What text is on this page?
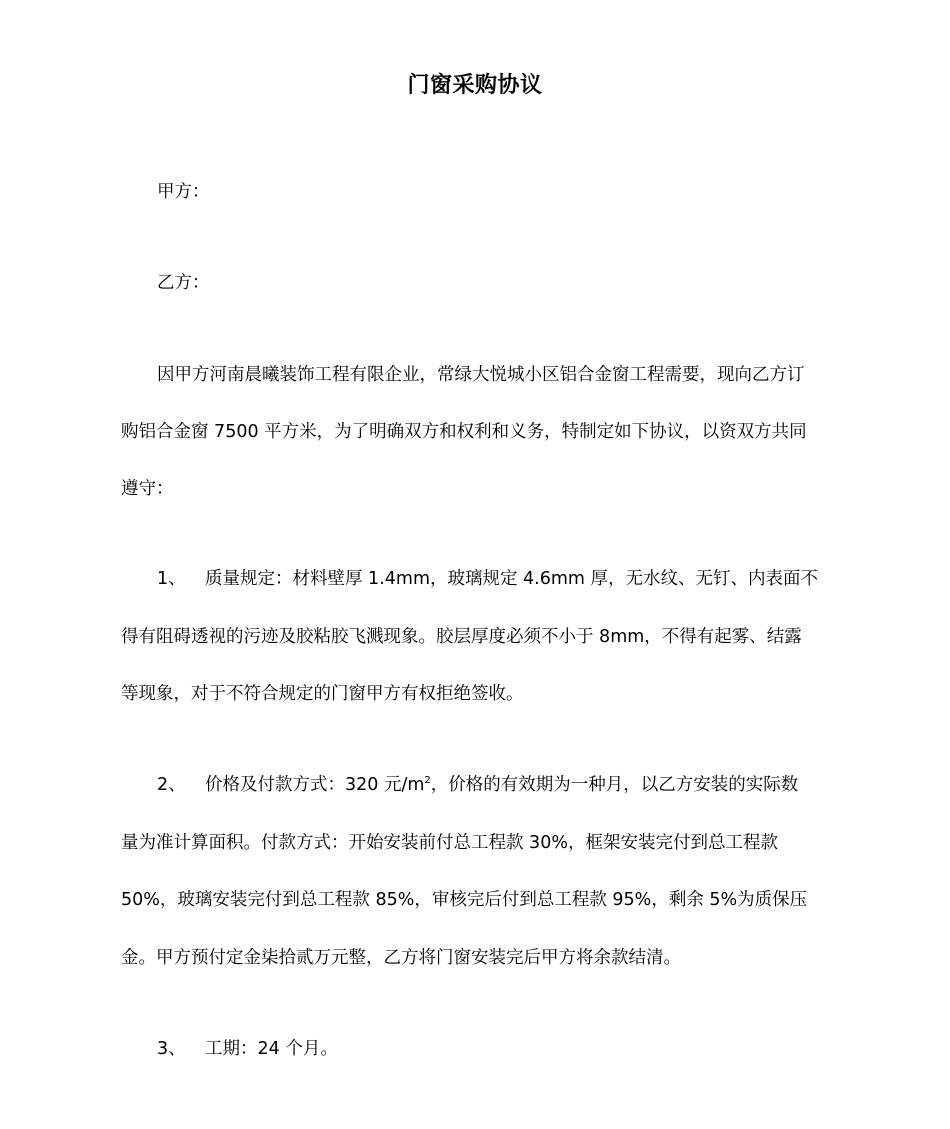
门窗采购协议
甲方：
乙方：
因甲方河南晨曦装饰工程有限企业，常绿大悦城小区铝合金窗工程需要，现向乙方订
购铝合金窗 7500 平方米，为了明确双方和权利和义务，特制定如下协议，以资双方共同
遵守：
1、 质量规定：材料壁厚 1.4mm，玻璃规定 4.6mm 厚，无水纹、无钉、内表面不
得有阻碍透视的污迹及胶粘胶飞溅现象。胶层厚度必须不小于 8mm，不得有起雾、结露
等现象，对于不符合规定的门窗甲方有权拒绝签收。
2、 价格及付款方式：320 元$/m^2$，价格的有效期为一种月，以乙方安装的实际数
量为准计算面积。付款方式：开始安装前付总工程款 30%，框架安装完付到总工程款
50%，玻璃安装完付到总工程款 85%，审核完后付到总工程款 95%，剩余 5%为质保压
金。甲方预付定金柒拾贰万元整，乙方将门窗安装完后甲方将余款结清。
3、 工期：24 个月。
